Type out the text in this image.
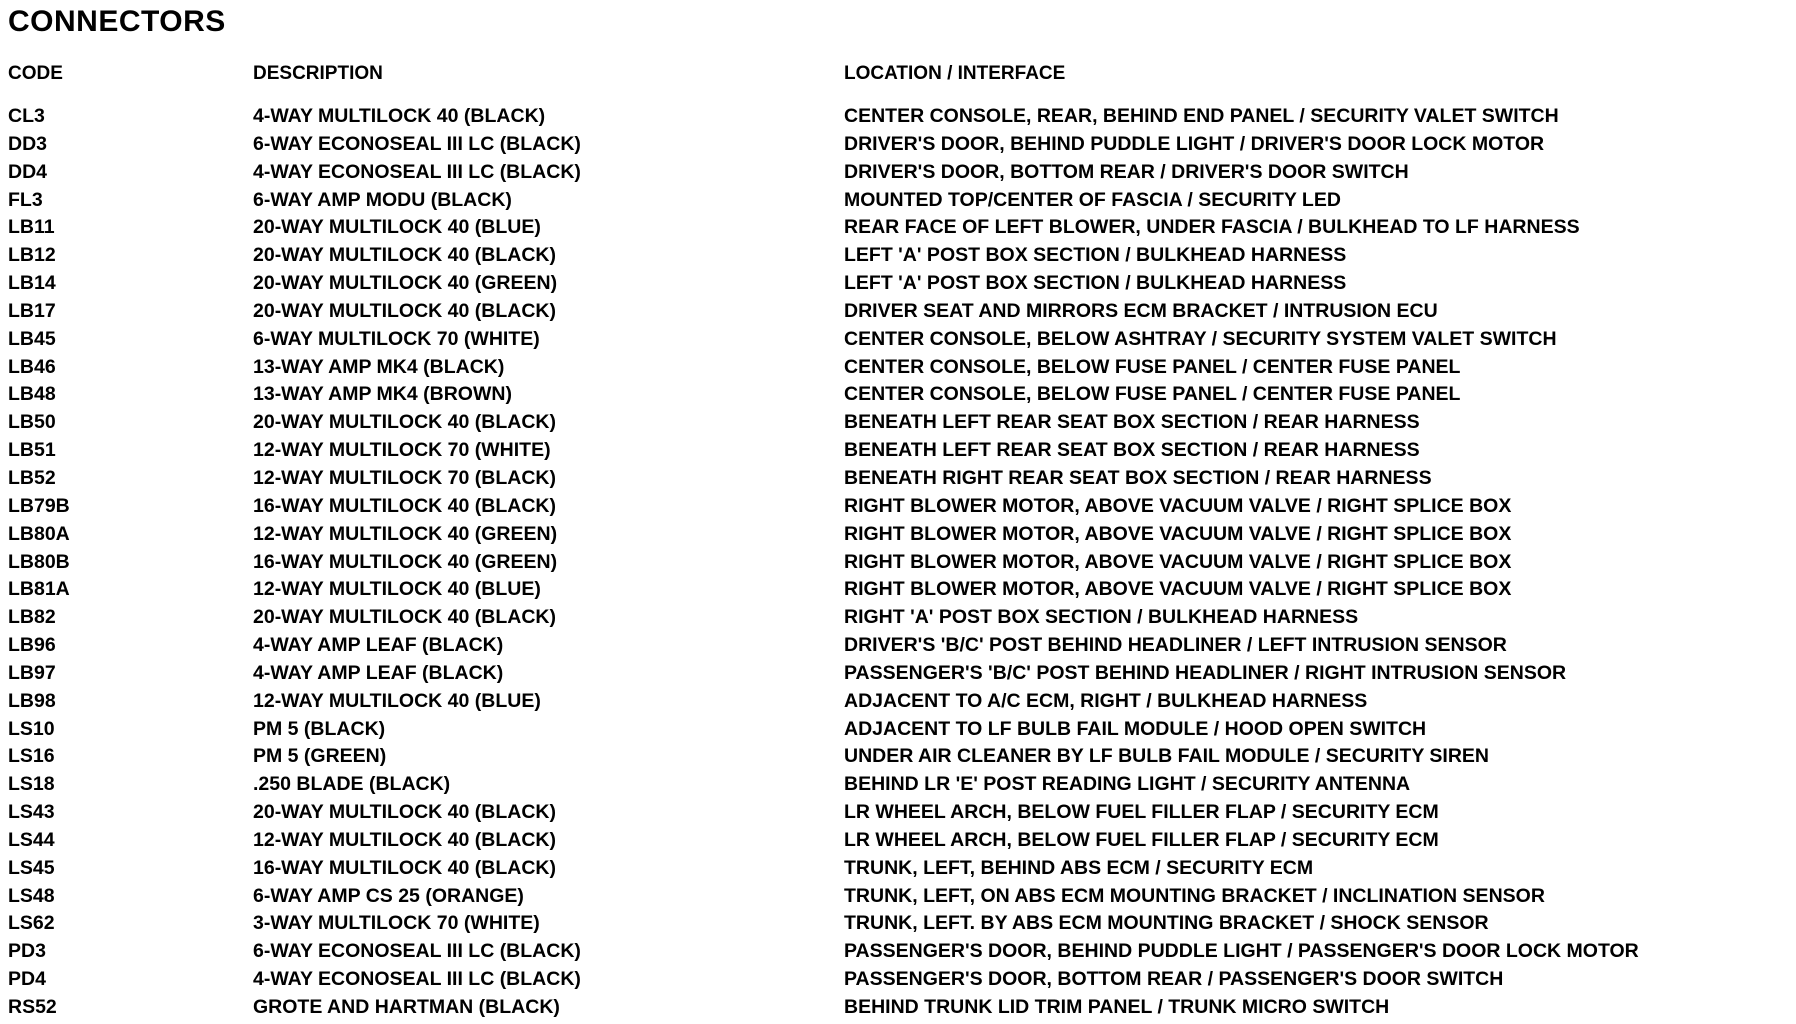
CONNECTORS
CODE	DESCRIPTION	LOCATION / INTERFACE
CL3	4-WAY MULTILOCK 40 (BLACK)	CENTER CONSOLE, REAR, BEHIND END PANEL / SECURITY VALET SWITCH
DD3	6-WAY ECONOSEAL III LC (BLACK)	DRIVER'S DOOR, BEHIND PUDDLE LIGHT / DRIVER'S DOOR LOCK MOTOR
DD4	4-WAY ECONOSEAL III LC (BLACK)	DRIVER'S DOOR, BOTTOM REAR / DRIVER'S DOOR SWITCH
FL3	6-WAY AMP MODU (BLACK)	MOUNTED TOP/CENTER OF FASCIA / SECURITY LED
LB11	20-WAY MULTILOCK 40 (BLUE)	REAR FACE OF LEFT BLOWER, UNDER FASCIA / BULKHEAD TO LF HARNESS
LB12	20-WAY MULTILOCK 40 (BLACK)	LEFT 'A' POST BOX SECTION / BULKHEAD HARNESS
LB14	20-WAY MULTILOCK 40 (GREEN)	LEFT 'A' POST BOX SECTION / BULKHEAD HARNESS
LB17	20-WAY MULTILOCK 40 (BLACK)	DRIVER SEAT AND MIRRORS ECM BRACKET / INTRUSION ECU
LB45	6-WAY MULTILOCK 70 (WHITE)	CENTER CONSOLE, BELOW ASHTRAY / SECURITY SYSTEM VALET SWITCH
LB46	13-WAY AMP MK4 (BLACK)	CENTER CONSOLE, BELOW FUSE PANEL / CENTER FUSE PANEL
LB48	13-WAY AMP MK4 (BROWN)	CENTER CONSOLE, BELOW FUSE PANEL / CENTER FUSE PANEL
LB50	20-WAY MULTILOCK 40 (BLACK)	BENEATH LEFT REAR SEAT BOX SECTION / REAR HARNESS
LB51	12-WAY MULTILOCK 70 (WHITE)	BENEATH LEFT REAR SEAT BOX SECTION / REAR HARNESS
LB52	12-WAY MULTILOCK 70 (BLACK)	BENEATH RIGHT REAR SEAT BOX SECTION / REAR HARNESS
LB79B	16-WAY MULTILOCK 40 (BLACK)	RIGHT BLOWER MOTOR, ABOVE VACUUM VALVE / RIGHT SPLICE BOX
LB80A	12-WAY MULTILOCK 40 (GREEN)	RIGHT BLOWER MOTOR, ABOVE VACUUM VALVE / RIGHT SPLICE BOX
LB80B	16-WAY MULTILOCK 40 (GREEN)	RIGHT BLOWER MOTOR, ABOVE VACUUM VALVE / RIGHT SPLICE BOX
LB81A	12-WAY MULTILOCK 40 (BLUE)	RIGHT BLOWER MOTOR, ABOVE VACUUM VALVE / RIGHT SPLICE BOX
LB82	20-WAY MULTILOCK 40 (BLACK)	RIGHT 'A' POST BOX SECTION / BULKHEAD HARNESS
LB96	4-WAY AMP LEAF (BLACK)	DRIVER'S 'B/C' POST BEHIND HEADLINER / LEFT INTRUSION SENSOR
LB97	4-WAY AMP LEAF (BLACK)	PASSENGER'S 'B/C' POST BEHIND HEADLINER / RIGHT INTRUSION SENSOR
LB98	12-WAY MULTILOCK 40 (BLUE)	ADJACENT TO A/C ECM, RIGHT / BULKHEAD HARNESS
LS10	PM 5 (BLACK)	ADJACENT TO LF BULB FAIL MODULE / HOOD OPEN SWITCH
LS16	PM 5 (GREEN)	UNDER AIR CLEANER BY LF BULB FAIL MODULE / SECURITY SIREN
LS18	.250 BLADE (BLACK)	BEHIND LR 'E' POST READING LIGHT / SECURITY ANTENNA
LS43	20-WAY MULTILOCK 40 (BLACK)	LR WHEEL ARCH, BELOW FUEL FILLER FLAP / SECURITY ECM
LS44	12-WAY MULTILOCK 40 (BLACK)	LR WHEEL ARCH, BELOW FUEL FILLER FLAP / SECURITY ECM
LS45	16-WAY MULTILOCK 40 (BLACK)	TRUNK, LEFT, BEHIND ABS ECM / SECURITY ECM
LS48	6-WAY AMP CS 25 (ORANGE)	TRUNK, LEFT, ON ABS ECM MOUNTING BRACKET / INCLINATION SENSOR
LS62	3-WAY MULTILOCK 70 (WHITE)	TRUNK, LEFT. BY ABS ECM MOUNTING BRACKET / SHOCK SENSOR
PD3	6-WAY ECONOSEAL III LC (BLACK)	PASSENGER'S DOOR, BEHIND PUDDLE LIGHT / PASSENGER'S DOOR LOCK MOTOR
PD4	4-WAY ECONOSEAL III LC (BLACK)	PASSENGER'S DOOR, BOTTOM REAR / PASSENGER'S DOOR SWITCH
RS52	GROTE AND HARTMAN (BLACK)	BEHIND TRUNK LID TRIM PANEL / TRUNK MICRO SWITCH
